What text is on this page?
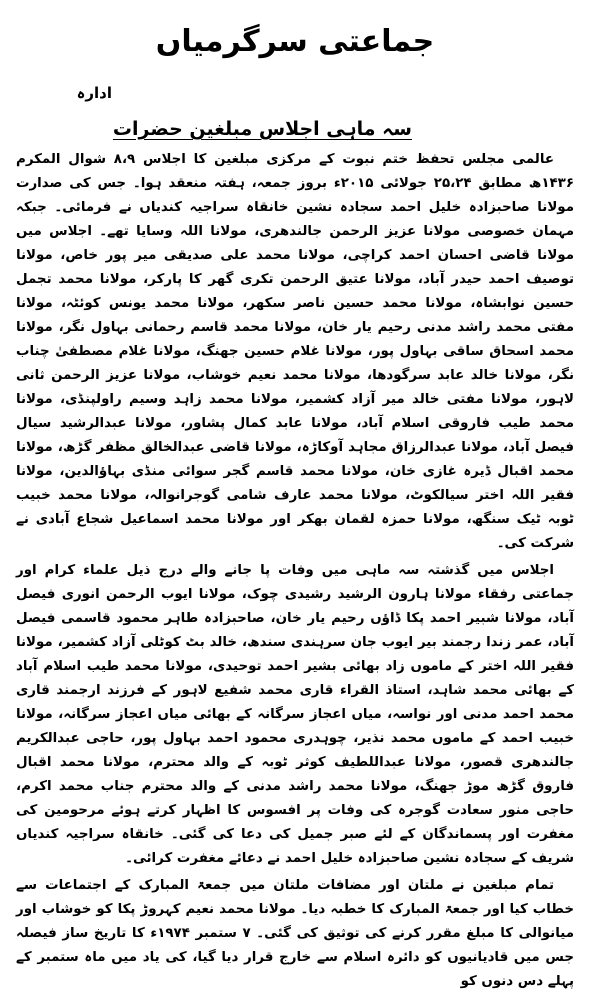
جماعتی سرگرمیاں
ادارہ
سہ ماہی اجلاس مبلغین حضرات

عالمی مجلس تحفظ ختم نبوت کے مرکزی مبلغین کا اجلاس ۸،۹ شوال المکرم ۱۴۳۶ھ مطابق ۲۵،۲۴ جولائی ۲۰۱۵ء بروز جمعہ، ہفتہ منعقد ہوا۔ جس کی صدارت مولانا صاحبزادہ خلیل احمد سجادہ نشین خانقاہ سراجیہ کندیاں نے فرمائی۔ جبکہ مہمان خصوصی مولانا عزیز الرحمن جالندھری، مولانا اللہ وسایا تھے۔ اجلاس میں مولانا قاضی احسان احمد کراچی، مولانا محمد علی صدیقی میر پور خاص، مولانا توصیف احمد حیدر آباد، مولانا عتیق الرحمن تکری گھر کا پارکر، مولانا محمد تجمل حسین نوابشاہ، مولانا محمد حسین ناصر سکھر، مولانا محمد یونس کوئٹہ، مولانا مفتی محمد راشد مدنی رحیم یار خان، مولانا محمد قاسم رحمانی بہاول نگر، مولانا محمد اسحاق ساقی بہاول پور، مولانا غلام حسین جھنگ، مولانا غلام مصطفیٰ چناب نگر، مولانا خالد عابد سرگودھا، مولانا محمد نعیم خوشاب، مولانا عزیز الرحمن ثانی لاہور، مولانا مفتی خالد میر آزاد کشمیر، مولانا محمد زاہد وسیم راولپنڈی، مولانا محمد طیب فاروقی اسلام آباد، مولانا عابد کمال پشاور، مولانا عبدالرشید سیال فیصل آباد، مولانا عبدالرزاق مجاہد آوکاڑہ، مولانا قاضی عبدالخالق مظفر گڑھ، مولانا محمد اقبال ڈیرہ غازی خان، مولانا محمد قاسم گجر سوائی منڈی بہاؤالدین، مولانا فقیر اللہ اختر سیالکوٹ، مولانا محمد عارف شامی گوجرانوالہ، مولانا محمد خبیب ٹوبہ ٹیک سنگھ، مولانا حمزہ لقمان بھکر اور مولانا محمد اسماعیل شجاع آبادی نے شرکت کی۔

اجلاس میں گذشتہ سہ ماہی میں وفات پا جانے والے درج ذیل علماء کرام اور جماعتی رفقاء مولانا ہارون الرشید رشیدی چوک، مولانا ایوب الرحمن انوری فیصل آباد، مولانا شبیر احمد پکا ڈاؤں رحیم یار خان، صاحبزادہ طاہر محمود قاسمی فیصل آباد، عمر زندا رجمند بیر ایوب جان سرہندی سندھ، خالد بٹ کوٹلی آزاد کشمیر، مولانا فقیر اللہ اختر کے ماموں زاد بھائی بشیر احمد توحیدی، مولانا محمد طیب اسلام آباد کے بھائی محمد شاہد، استاذ القراء قاری محمد شفیع لاہور کے فرزند ارجمند قاری محمد احمد مدنی اور نواسہ، میاں اعجاز سرگانہ کے بھائی میاں اعجاز سرگانہ، مولانا خبیب احمد کے ماموں محمد نذیر، چوہدری محمود احمد بہاول پور، حاجی عبدالکریم جالندھری قصور، مولانا عبداللطیف کوثر ٹوبہ کے والد محترم، مولانا محمد اقبال فاروق گڑھ موڑ جھنگ، مولانا محمد راشد مدنی کے والد محترم جناب محمد اکرم، حاجی منور سعادت گوجرہ کی وفات پر افسوس کا اظہار کرتے ہوئے مرحومین کی مغفرت اور پسماندگان کے لئے صبر جمیل کی دعا کی گئی۔ خانقاہ سراجیہ کندیاں شریف کے سجادہ نشین صاحبزادہ خلیل احمد نے دعائے مغفرت کرائی۔

تمام مبلغین نے ملتان اور مضافات ملتان میں جمعۃ المبارک کے اجتماعات سے خطاب کیا اور جمعۃ المبارک کا خطبہ دیا۔ مولانا محمد نعیم کہروڑ پکا کو خوشاب اور میانوالی کا مبلغ مقرر کرنے کی توثیق کی گئی۔ ۷ ستمبر ۱۹۷۴ء کا تاریخ ساز فیصلہ جس میں قادیانیوں کو دائرہ اسلام سے خارج قرار دیا گیا، کی یاد میں ماہ ستمبر کے پہلے دس دنوں کو
